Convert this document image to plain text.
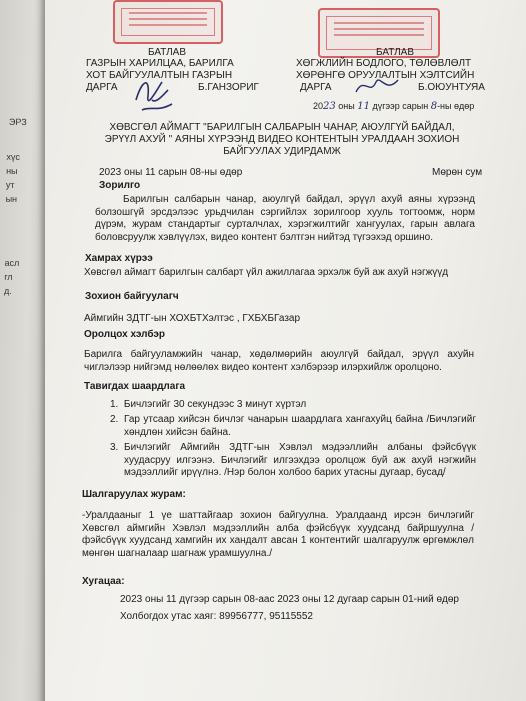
ЭРЗ
хүс
ны
ут
ын
асл
гл
д.
БАТЛАВ
ГАЗРЫН ХАРИЛЦАА, БАРИЛГА
ХОТ БАЙГУУЛАЛТЫН ГАЗРЫН
ДАРГА	Б.ГАНЗОРИГ
БАТЛАВ
ХӨГЖЛИЙН БОДЛОГО, ТӨЛӨВЛӨЛТ
ХӨРӨНГӨ ОРУУЛАЛТЫН ХЭЛТСИЙН
ДАРГА	Б.ОЮУНТУЯА
2023 оны 11 дүгээр сарын 8-ны өдөр
ХӨВСГӨЛ АЙМАГТ "БАРИЛГЫН САЛБАРЫН ЧАНАР, АЮУЛГҮЙ БАЙДАЛ, ЭРҮҮЛ АХУЙ " АЯНЫ ХҮРЭЭНД ВИДЕО КОНТЕНТЫН УРАЛДААН ЗОХИОН БАЙГУУЛАХ УДИРДАМЖ
2023 оны 11 сарын 08-ны өдөр	Мөрөн сум
Зорилго
Барилгын салбарын чанар, аюулгүй байдал, эрүүл ахуй аяны хүрээнд болзошгүй эрсдэлээс урьдчилан сэргийлэх зорилгоор хууль тогтоомж, норм дүрэм, журам стандартыг сурталчлах, хэрэгжилтийг хангуулах, гарын авлага боловсруулж хэвлүүлэх, видео контент бэлтгэн нийтэд түгээхэд оршино.
Хамрах хүрээ
Хөвсгөл аймагт барилгын салбарт үйл ажиллагаа эрхэлж буй аж ахуй нэгжүүд
Зохион байгуулагч
Аймгийн ЗДТГ-ын ХОХБТХэлтэс , ГХБХБГазар
Оролцох хэлбэр
Барилга байгууламжийн чанар, хөдөлмөрийн аюулгүй байдал, эрүүл ахуйн чиглэлээр нийгэмд нөлөөлөх видео контент хэлбэрээр илэрхийлж оролцоно.
Тавигдах шаардлага
1.  Бичлэгийг 30 секундээс 3 минут хүртэл
2. Гар утсаар хийсэн бичлэг чанарын шаардлага хангахуйц байна /Бичлэгийг хөндлөн хийсэн байна.
3. Бичлэгийг Аймгийн ЗДТГ-ын Хэвлэл мэдээллийн албаны фэйсбүүк хуудасруу илгээнэ. Бичлэгийг илгээхдээ оролцож буй аж ахуй нэгжийн мэдээллийг ирүүлнэ. /Нэр болон холбоо барих утасны дугаар, бусад/
Шалгаруулах журам:
-Уралдааныг 1 үе шаттайгаар зохион байгуулна. Уралдаанд ирсэн бичлэгийг Хөвсгөл аймгийн Хэвлэл мэдээллийн алба фэйсбүүк хуудсанд байршуулна / фэйсбүүк хуудсанд хамгийн их хандалт авсан 1 контентийг шалгаруулж өргөмжлөл мөнгөн шагналаар шагнаж урамшуулна./
Хугацаа:
2023 оны 11 дүгээр сарын 08-аас 2023 оны 12 дугаар сарын 01-ний өдөр
Холбогдох утас хаяг: 89956777, 95115552
